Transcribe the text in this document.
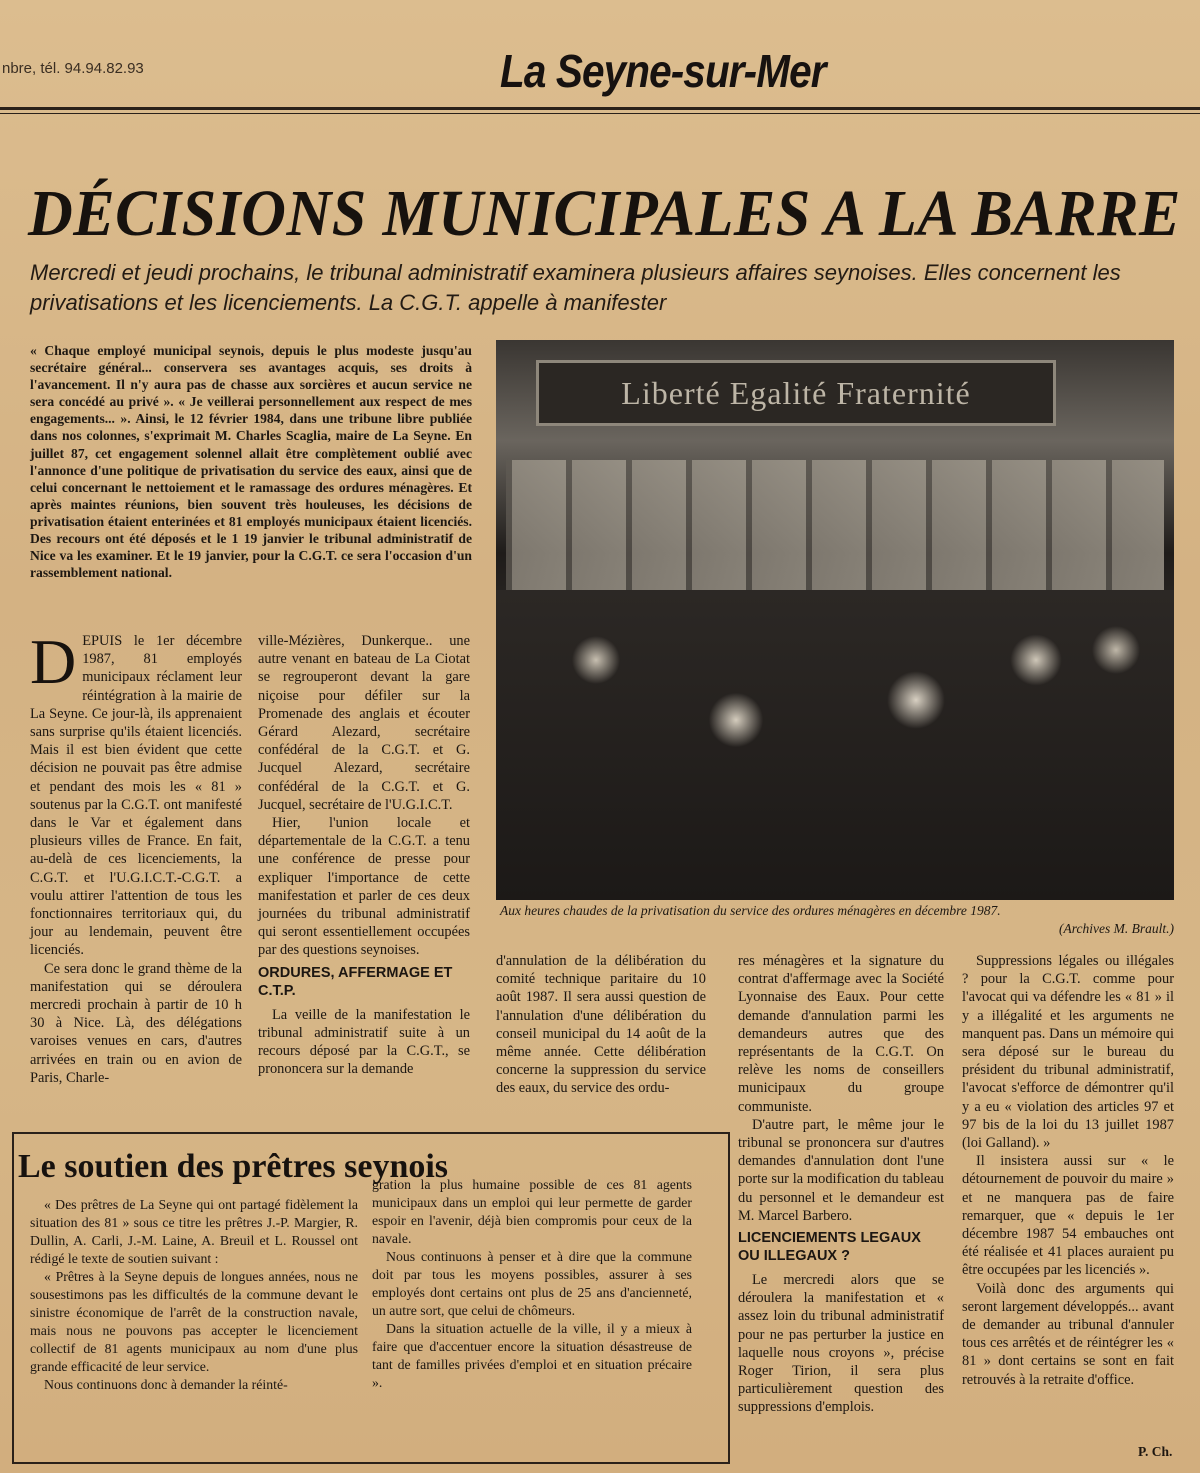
nbre, tél. 94.94.82.93	La Seyne-sur-Mer
DÉCISIONS MUNICIPALES A LA BARRE
Mercredi et jeudi prochains, le tribunal administratif examinera plusieurs affaires seynoises. Elles concernent les privatisations et les licenciements. La C.G.T. appelle à manifester
« Chaque employé municipal seynois, depuis le plus modeste jusqu'au secrétaire général... conservera ses avantages acquis, ses droits à l'avancement. Il n'y aura pas de chasse aux sorcières et aucun service ne sera concédé au privé ». « Je veillerai personnellement aux respect de mes engagements... ». Ainsi, le 12 février 1984, dans une tribune libre publiée dans nos colonnes, s'exprimait M. Charles Scaglia, maire de La Seyne. En juillet 87, cet engagement solennel allait être complètement oublié avec l'annonce d'une politique de privatisation du service des eaux, ainsi que de celui concernant le nettoiement et le ramassage des ordures ménagères. Et après maintes réunions, bien souvent très houleuses, les décisions de privatisation étaient enterinées et 81 employés municipaux étaient licenciés. Des recours ont été déposés et le 1 19 janvier le tribunal administratif de Nice va les examiner. Et le 19 janvier, pour la C.G.T. ce sera l'occasion d'un rassemblement national.
Liberté Egalité Fraternité
Aux heures chaudes de la privatisation du service des ordures ménagères en décembre 1987.
(Archives M. Brault.)

DEPUIS le 1er décembre 1987, 81 employés municipaux réclament leur réintégration à la mairie de La Seyne. Ce jour-là, ils apprenaient sans surprise qu'ils étaient licenciés. Mais il est bien évident que cette décision ne pouvait pas être admise et pendant des mois les « 81 » soutenus par la C.G.T. ont manifesté dans le Var et également dans plusieurs villes de France. En fait, au-delà de ces licenciements, la C.G.T. et l'U.G.I.C.T.-C.G.T. a voulu attirer l'attention de tous les fonctionnaires territoriaux qui, du jour au lendemain, peuvent être licenciés.

Ce sera donc le grand thème de la manifestation qui se déroulera mercredi prochain à partir de 10 h 30 à Nice. Là, des délégations varoises venues en cars, d'autres arrivées en train ou en avion de Paris, Charle-

ville-Mézières, Dunkerque.. une autre venant en bateau de La Ciotat se regrouperont devant la gare niçoise pour défiler sur la Promenade des anglais et écouter Gérard Alezard, secrétaire confédéral de la C.G.T. et G. Jucquel Alezard, secrétaire confédéral de la C.G.T. et G. Jucquel, secrétaire de l'U.G.I.C.T.

Hier, l'union locale et départementale de la C.G.T. a tenu une conférence de presse pour expliquer l'importance de cette manifestation et parler de ces deux journées du tribunal administratif qui seront essentiellement occupées par des questions seynoises.

ORDURES, AFFERMAGE ET C.T.P.

La veille de la manifestation le tribunal administratif suite à un recours déposé par la C.G.T., se prononcera sur la demande

d'annulation de la délibération du comité technique paritaire du 10 août 1987. Il sera aussi question de l'annulation d'une délibération du conseil municipal du 14 août de la même année. Cette délibération concerne la suppression du service des eaux, du service des ordu-

res ménagères et la signature du contrat d'affermage avec la Société Lyonnaise des Eaux. Pour cette demande d'annulation parmi les demandeurs autres que des représentants de la C.G.T. On relève les noms de conseillers municipaux du groupe communiste.

D'autre part, le même jour le tribunal se prononcera sur d'autres demandes d'annulation dont l'une porte sur la modification du tableau du personnel et le demandeur est M. Marcel Barbero.

LICENCIEMENTS LEGAUX OU ILLEGAUX ?

Le mercredi alors que se déroulera la manifestation et « assez loin du tribunal administratif pour ne pas perturber la justice en laquelle nous croyons », précise Roger Tirion, il sera plus particulièrement question des suppressions d'emplois.

Suppressions légales ou illégales ? pour la C.G.T. comme pour l'avocat qui va défendre les « 81 » il y a illégalité et les arguments ne manquent pas. Dans un mémoire qui sera déposé sur le bureau du président du tribunal administratif, l'avocat s'efforce de démontrer qu'il y a eu « violation des articles 97 et 97 bis de la loi du 13 juillet 1987 (loi Galland). »

Il insistera aussi sur « le détournement de pouvoir du maire » et ne manquera pas de faire remarquer, que « depuis le 1er décembre 1987 54 embauches ont été réalisée et 41 places auraient pu être occupées par les licenciés ».

Voilà donc des arguments qui seront largement développés... avant de demander au tribunal d'annuler tous ces arrêtés et de réintégrer les « 81 » dont certains se sont en fait retrouvés à la retraite d'office.

P. Ch.
Le soutien des prêtres seynois

« Des prêtres de La Seyne qui ont partagé fidèlement la situation des 81 » sous ce titre les prêtres J.-P. Margier, R. Dullin, A. Carli, J.-M. Laine, A. Breuil et L. Roussel ont rédigé le texte de soutien suivant :

« Prêtres à la Seyne depuis de longues années, nous ne sousestimons pas les difficultés de la commune devant le sinistre économique de l'arrêt de la construction navale, mais nous ne pouvons pas accepter le licenciement collectif de 81 agents municipaux au nom d'une plus grande efficacité de leur service.

Nous continuons donc à demander la réinté-

gration la plus humaine possible de ces 81 agents municipaux dans un emploi qui leur permette de garder espoir en l'avenir, déjà bien compromis pour ceux de la navale.

Nous continuons à penser et à dire que la commune doit par tous les moyens possibles, assurer à ses employés dont certains ont plus de 25 ans d'ancienneté, un autre sort, que celui de chômeurs.

Dans la situation actuelle de la ville, il y a mieux à faire que d'accentuer encore la situation désastreuse de tant de familles privées d'emploi et en situation précaire ».
